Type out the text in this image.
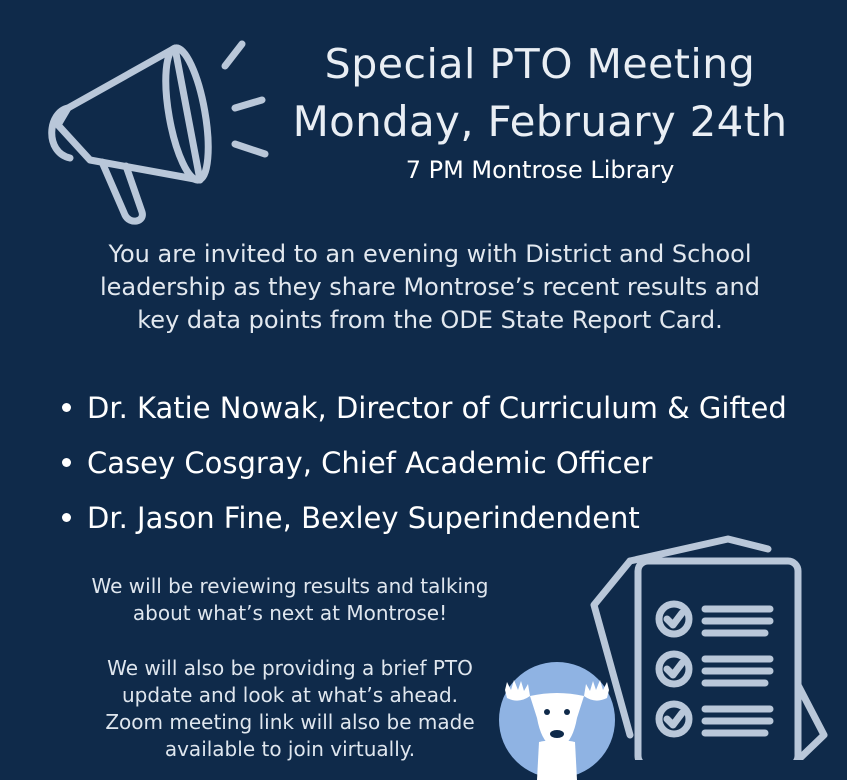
Special PTO Meeting
Monday, February 24th
7 PM Montrose Library
You are invited to an evening with District and School
leadership as they share Montrose’s recent results and
key data points from the ODE State Report Card.
Dr. Katie Nowak, Director of Curriculum & Gifted
Casey Cosgray, Chief Academic Officer
Dr. Jason Fine, Bexley Superindendent
We will be reviewing results and talking
about what’s next at Montrose!
We will also be providing a brief PTO
update and look at what’s ahead.
Zoom meeting link will also be made
available to join virtually.
